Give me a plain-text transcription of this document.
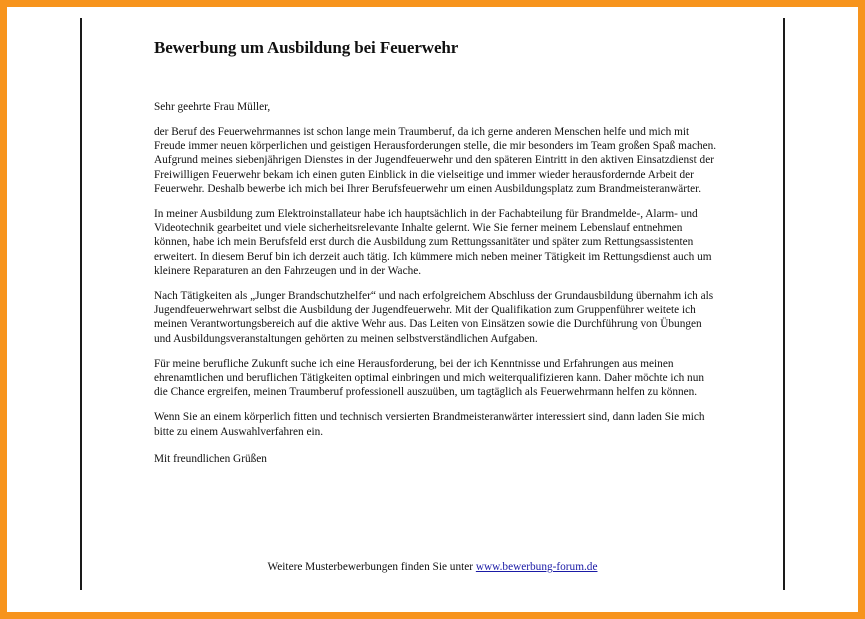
Bewerbung um Ausbildung bei Feuerwehr

Sehr geehrte Frau Müller,

der Beruf des Feuerwehrmannes ist schon lange mein Traumberuf, da ich gerne anderen Menschen helfe und mich mit Freude immer neuen körperlichen und geistigen Herausforderungen stelle, die mir besonders im Team großen Spaß machen. Aufgrund meines siebenjährigen Dienstes in der Jugendfeuerwehr und den späteren Eintritt in den aktiven Einsatzdienst der Freiwilligen Feuerwehr bekam ich einen guten Einblick in die vielseitige und immer wieder herausfordernde Arbeit der Feuerwehr. Deshalb bewerbe ich mich bei Ihrer Berufsfeuerwehr um einen Ausbildungsplatz zum Brandmeisteranwärter.

In meiner Ausbildung zum Elektroinstallateur habe ich hauptsächlich in der Fachabteilung für Brandmelde-, Alarm- und Videotechnik gearbeitet und viele sicherheitsrelevante Inhalte gelernt. Wie Sie ferner meinem Lebenslauf entnehmen können, habe ich mein Berufsfeld erst durch die Ausbildung zum Rettungssanitäter und später zum Rettungsassistenten erweitert. In diesem Beruf bin ich derzeit auch tätig. Ich kümmere mich neben meiner Tätigkeit im Rettungsdienst auch um kleinere Reparaturen an den Fahrzeugen und in der Wache.

Nach Tätigkeiten als „Junger Brandschutzhelfer“ und nach erfolgreichem Abschluss der Grundausbildung übernahm ich als Jugendfeuerwehrwart selbst die Ausbildung der Jugendfeuerwehr. Mit der Qualifikation zum Gruppenführer weitete ich meinen Verantwortungsbereich auf die aktive Wehr aus. Das Leiten von Einsätzen sowie die Durchführung von Übungen und Ausbildungsveranstaltungen gehörten zu meinen selbstverständlichen Aufgaben.

Für meine berufliche Zukunft suche ich eine Herausforderung, bei der ich Kenntnisse und Erfahrungen aus meinen ehrenamtlichen und beruflichen Tätigkeiten optimal einbringen und mich weiterqualifizieren kann. Daher möchte ich nun die Chance ergreifen, meinen Traumberuf professionell auszuüben, um tagtäglich als Feuerwehrmann helfen zu können.

Wenn Sie an einem körperlich fitten und technisch versierten Brandmeisteranwärter interessiert sind, dann laden Sie mich bitte zu einem Auswahlverfahren ein.

Mit freundlichen Grüßen

Weitere Musterbewerbungen finden Sie unter www.bewerbung-forum.de
